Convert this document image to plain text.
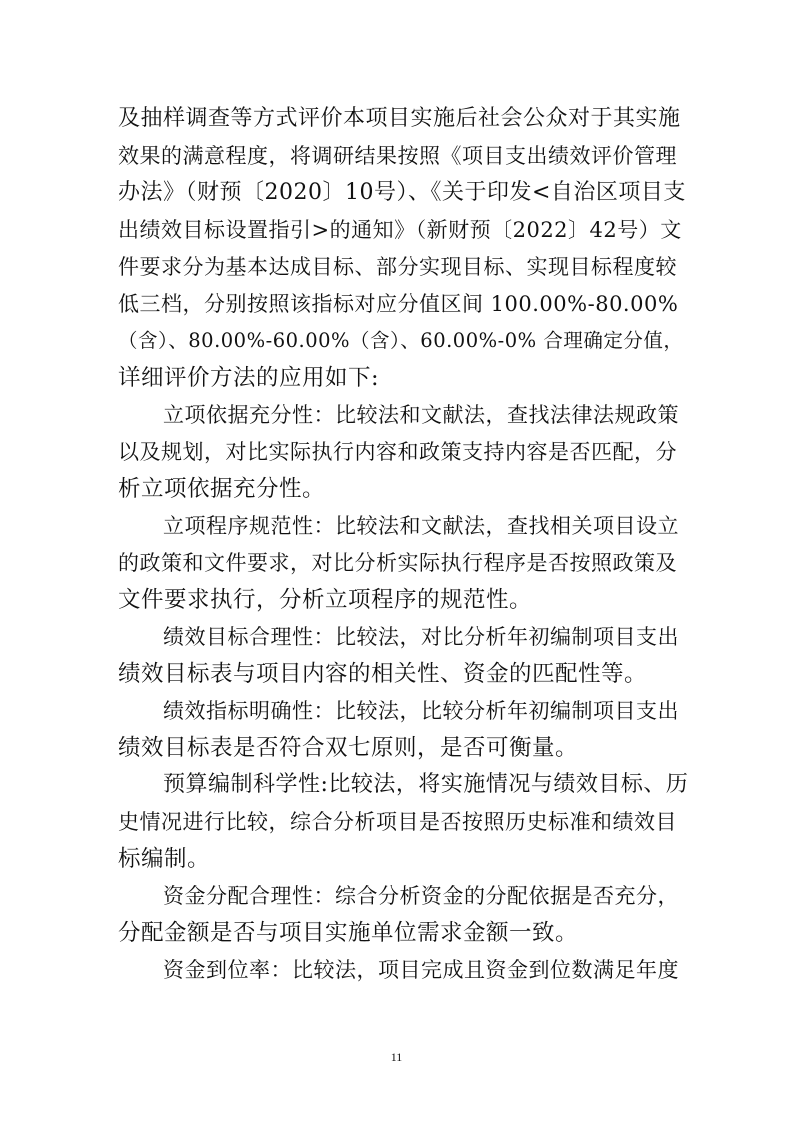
及抽样调查等方式评价本项目实施后社会公众对于其实施
效果的满意程度，将调研结果按照《项目支出绩效评价管理
办法》（财预〔2020〕10号）、《关于印发<自治区项目支
出绩效目标设置指引>的通知》（新财预〔2022〕42号）文
件要求分为基本达成目标、部分实现目标、实现目标程度较
低三档，分别按照该指标对应分值区间 100.00%-80.00%
（含）、80.00%-60.00%（含）、60.00%-0% 合理确定分值，
详细评价方法的应用如下:
立项依据充分性：比较法和文献法，查找法律法规政策
以及规划，对比实际执行内容和政策支持内容是否匹配，分
析立项依据充分性。
立项程序规范性：比较法和文献法，查找相关项目设立
的政策和文件要求，对比分析实际执行程序是否按照政策及
文件要求执行，分析立项程序的规范性。
绩效目标合理性：比较法，对比分析年初编制项目支出
绩效目标表与项目内容的相关性、资金的匹配性等。
绩效指标明确性：比较法，比较分析年初编制项目支出
绩效目标表是否符合双七原则，是否可衡量。
预算编制科学性:比较法，将实施情况与绩效目标、历
史情况进行比较，综合分析项目是否按照历史标准和绩效目
标编制。
资金分配合理性：综合分析资金的分配依据是否充分，
分配金额是否与项目实施单位需求金额一致。
资金到位率：比较法，项目完成且资金到位数满足年度
11
